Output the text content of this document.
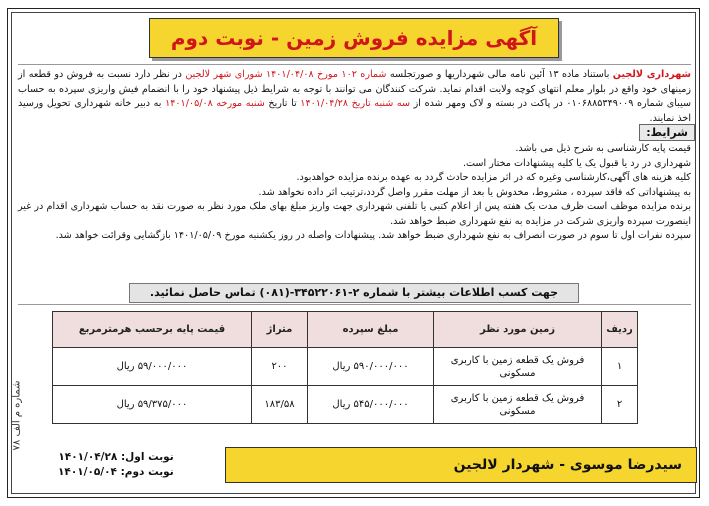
آگهی مزایده فروش زمین - نوبت دوم

شهرداری لالجین باستناد ماده ۱۳ آئین نامه مالی شهرداریها و صورتجلسه شماره ۱۰۲ مورخ ۱۴۰۱/۰۴/۰۸ شورای شهر لالجین در نظر دارد نسبت به فروش دو قطعه از زمینهای خود واقع در بلوار معلم انتهای کوچه ولایت اقدام نماید. شرکت کنندگان می توانند با توجه به شرایط ذیل پیشنهاد خود را با انضمام فیش واریزی سپرده به حساب سیبای شماره ۰۱۰۶۸۸۵۳۴۹۰۰۹ در پاکت در بسته و لاک ومهر شده از سه شنبه تاریخ ۱۴۰۱/۰۴/۲۸ تا تاریخ شنبه مورخه ۱۴۰۱/۰۵/۰۸ به دبیر خانه شهرداری تحویل ورسید اخذ نمایند.

شرایط:
قیمت پایه کارشناسی به شرح ذیل می باشد.
شهرداری در رد یا قبول یک یا کلیه پیشنهادات مختار است.
کلیه هزینه های آگهی،کارشناسی وغیره که در اثر مزایده حادث گردد به عهده برنده مزایده خواهدبود.
به پیشنهاداتی که فاقد سپرده ، مشروط، مخدوش یا بعد از مهلت مقرر واصل گردد،ترتیب اثر داده نخواهد شد.
برنده مزایده موظف است ظرف مدت یک هفته پس از اعلام کتبی یا تلفنی شهرداری جهت واریز مبلغ بهای ملک مورد نظر به صورت نقد به حساب شهرداری اقدام در غیر اینصورت سپرده واریزی شرکت در مزایده به نفع شهرداری ضبط خواهد شد.
سپرده نفرات اول تا سوم در صورت انصراف به نفع شهرداری ضبط خواهد شد. پیشنهادات واصله در روز یکشنبه مورخ ۱۴۰۱/۰۵/۰۹ بازگشایی وقرائت خواهد شد.
جهت کسب اطلاعات بیشتر با شماره ۲-۳۴۵۲۲۰۶۱-(۰۸۱) تماس حاصل نمائید.
ردیف	زمین مورد نظر	مبلغ سپرده	متراژ	قیمت پایه برحسب هرمترمربع
۱	فروش یک قطعه زمین با کاربری مسکونی	۵۹۰/۰۰۰/۰۰۰ ریال	۲۰۰	۵۹/۰۰۰/۰۰۰ ریال
۲	فروش یک قطعه زمین با کاربری مسکونی	۵۴۵/۰۰۰/۰۰۰ ریال	۱۸۳/۵۸	۵۹/۳۷۵/۰۰۰ ریال
شماره م الف ۷۸
سیدرضا موسوی - شهردار لالجین
نوبت اول: ۱۴۰۱/۰۴/۲۸
نوبت دوم: ۱۴۰۱/۰۵/۰۴
